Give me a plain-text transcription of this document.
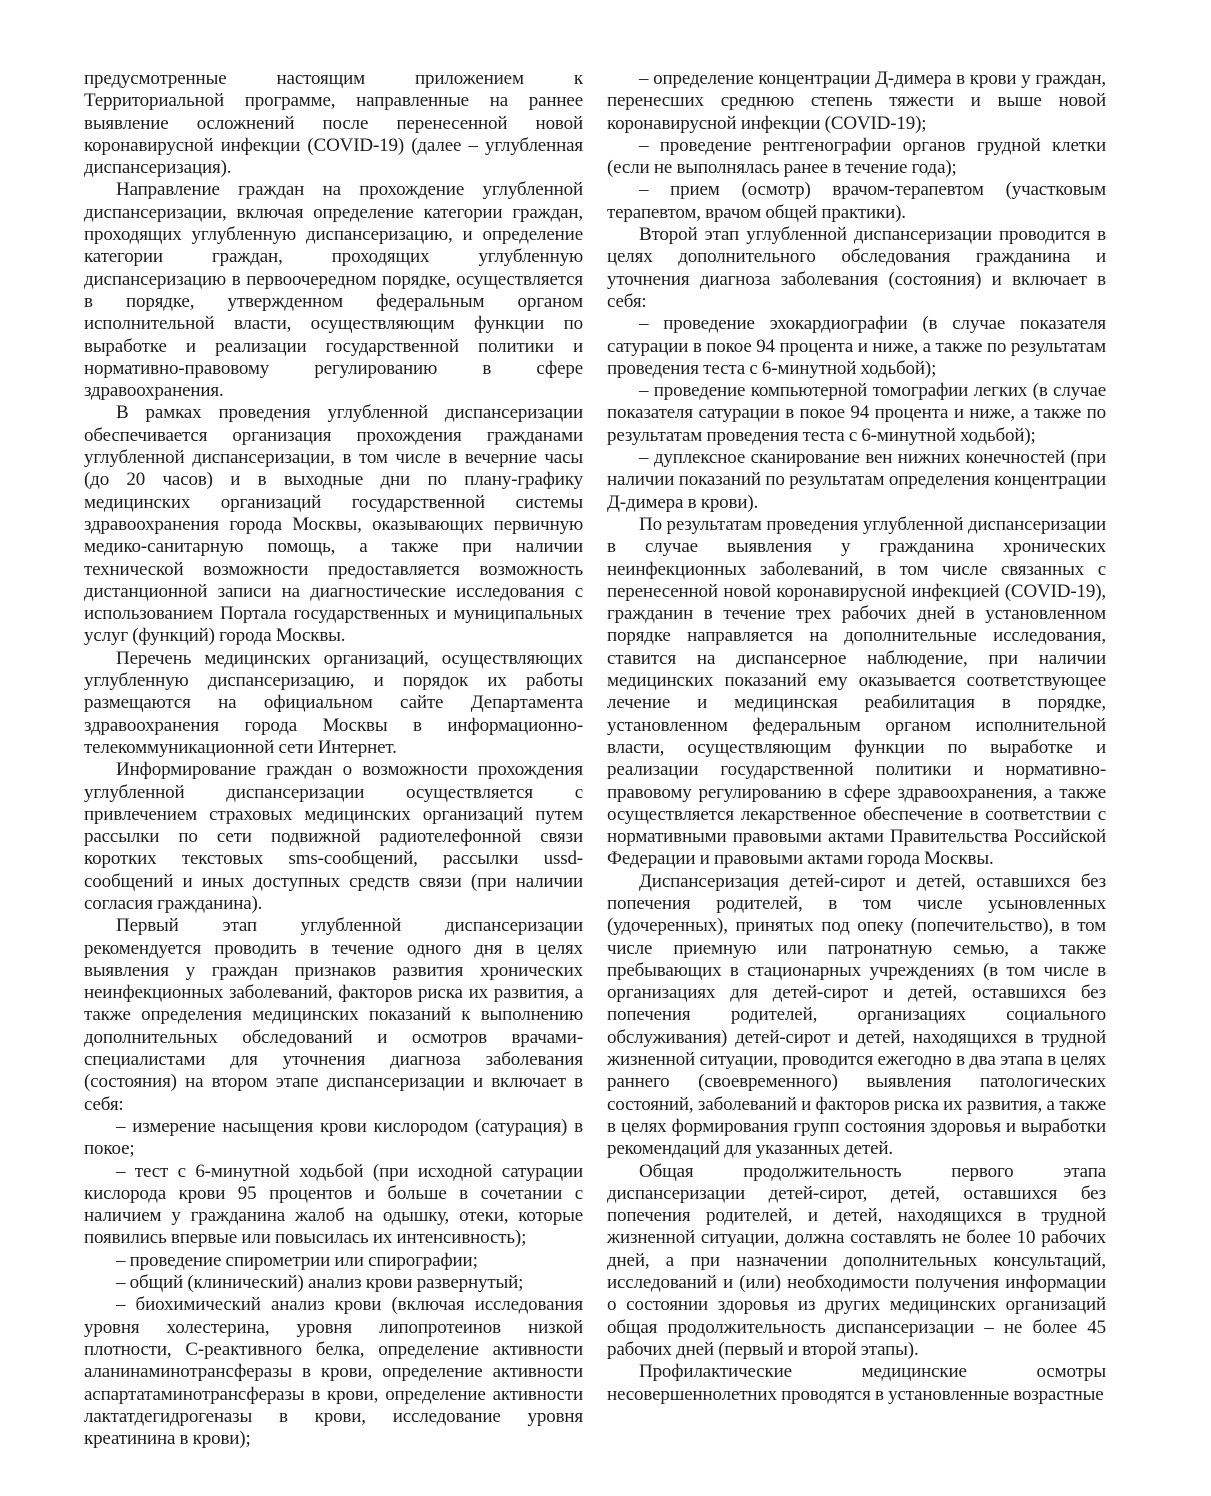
предусмотренные настоящим приложением к Территориальной программе, направленные на раннее выявление осложнений после перенесенной новой коронавирусной инфекции (COVID-19) (далее – углубленная диспансеризация).

Направление граждан на прохождение углубленной диспансеризации, включая определение категории граждан, проходящих углубленную диспансеризацию, и определение категории граждан, проходящих углубленную диспансеризацию в первоочередном порядке, осуществляется в порядке, утвержденном федеральным органом исполнительной власти, осуществляющим функции по выработке и реализации государственной политики и нормативно-правовому регулированию в сфере здравоохранения.

В рамках проведения углубленной диспансеризации обеспечивается организация прохождения гражданами углубленной диспансеризации, в том числе в вечерние часы (до 20 часов) и в выходные дни по плану-графику медицинских организаций государственной системы здравоохранения города Москвы, оказывающих первичную медико-санитарную помощь, а также при наличии технической возможности предоставляется возможность дистанционной записи на диагностические исследования с использованием Портала государственных и муниципальных услуг (функций) города Москвы.

Перечень медицинских организаций, осуществляющих углубленную диспансеризацию, и порядок их работы размещаются на официальном сайте Департамента здравоохранения города Москвы в информационно-телекоммуникационной сети Интернет.

Информирование граждан о возможности прохождения углубленной диспансеризации осуществляется с привлечением страховых медицинских организаций путем рассылки по сети подвижной радиотелефонной связи коротких текстовых sms-сообщений, рассылки ussd-сообщений и иных доступных средств связи (при наличии согласия гражданина).

Первый этап углубленной диспансеризации рекомендуется проводить в течение одного дня в целях выявления у граждан признаков развития хронических неинфекционных заболеваний, факторов риска их развития, а также определения медицинских показаний к выполнению дополнительных обследований и осмотров врачами-специалистами для уточнения диагноза заболевания (состояния) на втором этапе диспансеризации и включает в себя:

– измерение насыщения крови кислородом (сатурация) в покое;

– тест с 6-минутной ходьбой (при исходной сатурации кислорода крови 95 процентов и больше в сочетании с наличием у гражданина жалоб на одышку, отеки, которые появились впервые или повысилась их интенсивность);

– проведение спирометрии или спирографии;

– общий (клинический) анализ крови развернутый;

– биохимический анализ крови (включая исследования уровня холестерина, уровня липопротеинов низкой плотности, С-реактивного белка, определение активности аланинаминотрансферазы в крови, определение активности аспартатаминотрансферазы в крови, определение активности лактатдегидрогеназы в крови, исследование уровня креатинина в крови);

– определение концентрации Д-димера в крови у граждан, перенесших среднюю степень тяжести и выше новой коронавирусной инфекции (COVID-19);

– проведение рентгенографии органов грудной клетки (если не выполнялась ранее в течение года);

– прием (осмотр) врачом-терапевтом (участковым терапевтом, врачом общей практики).

Второй этап углубленной диспансеризации проводится в целях дополнительного обследования гражданина и уточнения диагноза заболевания (состояния) и включает в себя:

– проведение эхокардиографии (в случае показателя сатурации в покое 94 процента и ниже, а также по результатам проведения теста с 6-минутной ходьбой);

– проведение компьютерной томографии легких (в случае показателя сатурации в покое 94 процента и ниже, а также по результатам проведения теста с 6-минутной ходьбой);

– дуплексное сканирование вен нижних конечностей (при наличии показаний по результатам определения концентрации Д-димера в крови).

По результатам проведения углубленной диспансеризации в случае выявления у гражданина хронических неинфекционных заболеваний, в том числе связанных с перенесенной новой коронавирусной инфекцией (COVID-19), гражданин в течение трех рабочих дней в установленном порядке направляется на дополнительные исследования, ставится на диспансерное наблюдение, при наличии медицинских показаний ему оказывается соответствующее лечение и медицинская реабилитация в порядке, установленном федеральным органом исполнительной власти, осуществляющим функции по выработке и реализации государственной политики и нормативно-правовому регулированию в сфере здравоохранения, а также осуществляется лекарственное обеспечение в соответствии с нормативными правовыми актами Правительства Российской Федерации и правовыми актами города Москвы.

Диспансеризация детей-сирот и детей, оставшихся без попечения родителей, в том числе усыновленных (удочеренных), принятых под опеку (попечительство), в том числе приемную или патронатную семью, а также пребывающих в стационарных учреждениях (в том числе в организациях для детей-сирот и детей, оставшихся без попечения родителей, организациях социального обслуживания) детей-сирот и детей, находящихся в трудной жизненной ситуации, проводится ежегодно в два этапа в целях раннего (своевременного) выявления патологических состояний, заболеваний и факторов риска их развития, а также в целях формирования групп состояния здоровья и выработки рекомендаций для указанных детей.

Общая продолжительность первого этапа диспансеризации детей-сирот, детей, оставшихся без попечения родителей, и детей, находящихся в трудной жизненной ситуации, должна составлять не более 10 рабочих дней, а при назначении дополнительных консультаций, исследований и (или) необходимости получения информации о состоянии здоровья из других медицинских организаций общая продолжительность диспансеризации – не более 45 рабочих дней (первый и второй этапы).

Профилактические медицинские осмотры несовершеннолетних проводятся в установленные возрастные
